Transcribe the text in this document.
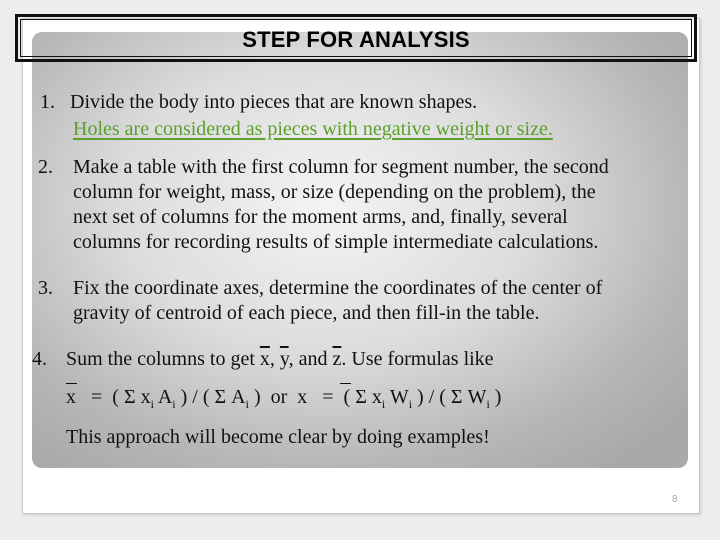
STEP FOR ANALYSIS
1. Divide the body into pieces that are known shapes.
Holes are considered as pieces with negative weight or size.
2. Make a table with the first column for segment number, the second
column for weight, mass, or size (depending on the problem), the
next set of columns for the moment arms, and, finally, several
columns for recording results of simple intermediate calculations.
3. Fix the coordinate axes, determine the coordinates of the center of
gravity of centroid of each piece, and then fill-in the table.
4. Sum the columns to get $\overline{x}$, $\overline{y}$, and $\overline{z}$. Use formulas like
x   =  ( Σ $x_i$ $A_i$ ) / ( Σ $A_i$ )  or  x   =  ( Σ $x_i$ $W_i$ ) / ( Σ $W_i$ )
This approach will become clear by doing examples!
8
